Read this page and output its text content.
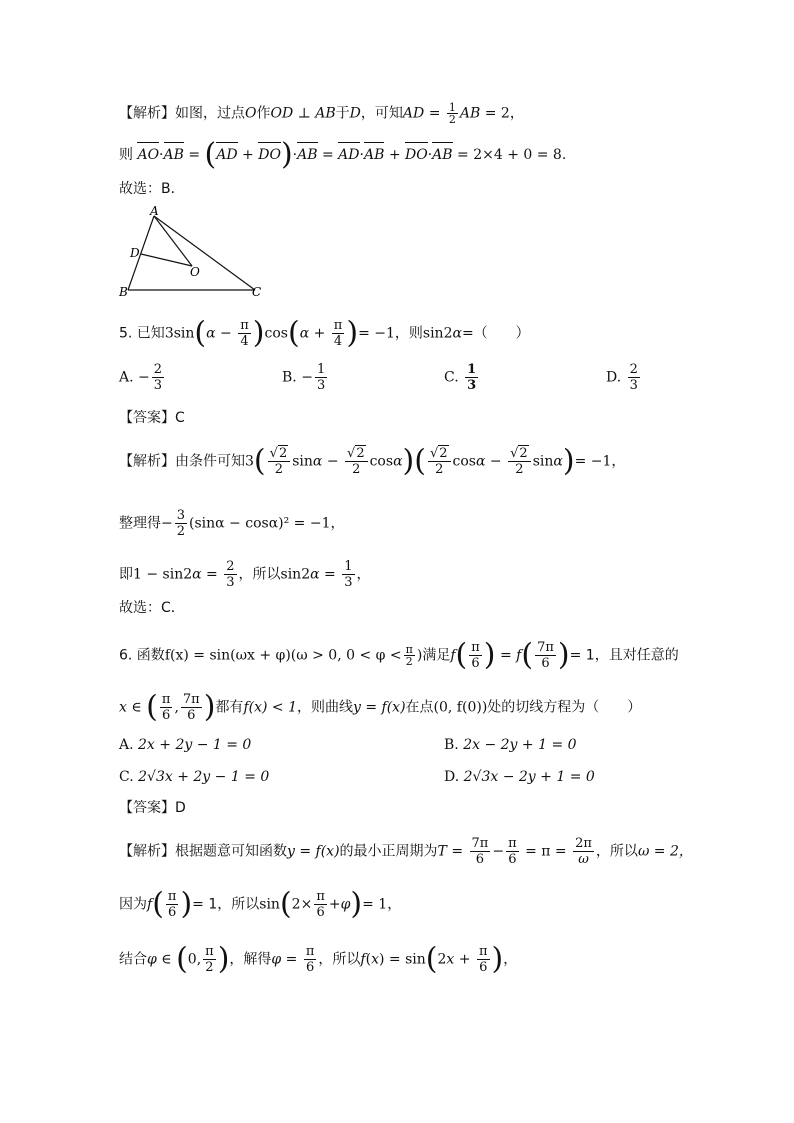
【解析】如图，过点O作OD ⊥ AB于D，可知AD = $\frac{1}{2}$ AB = 2，
则 AO·AB = (AD + DO)·AB = AD·AB + DO·AB = 2×4 + 0 = 8.
故选：B．
A
D
O
B	C
5. 已知$3\sin(\alpha - \frac{\pi}{4} )\cos(\alpha + \frac{\pi}{4}$ )= −1，则sin2α=（　　）
A. − $\frac{2}{3}$	B. − $\frac{1}{3}$	C. $\frac{1}{3}$	D. $\frac{2}{3}$
【答案】C
【解析】由条件可知$3( \frac{√2}{2}$ $\sin\alpha - \frac{√2}{2} \cos\alpha)( \frac{√2}{2}$ $\cos\alpha - \frac{√2}{2} \sin\alpha)= -1$，
整理得− $\frac{3}{2} (\sin\alpha - \cos\alpha)^2 = -1$，
即$1 - \sin 2\alpha = \frac{2}{3}$ ，所以$\sin 2\alpha = \frac{1}{3}$ ，
故选：C．
6. 函数f(x) = sin(ωx + φ)(ω > 0, $0 < \varphi < \frac{\pi}{2}$ )满足$f( \frac{\pi}{6}$ ) = $f( \frac{7\pi}{6}$ )= 1，且对任意的
x ∈ ( $\frac{\pi}{6}$ , $\frac{7\pi}{6}$ )都有f(x) < 1，则曲线y = f(x)在点(0, f(0))处的切线方程为（　　）
A. 2x + 2y − 1 = 0	B. 2x − 2y + 1 = 0
C. 2√3x + 2y − 1 = 0	D. 2√3x − 2y + 1 = 0
【答案】D
【解析】根据题意可知函数y = f(x)的最小正周期为$T = \frac{7\pi}{6} - \frac{\pi}{6} = \pi = \frac{2\pi}{\omega}$ ，所以ω = 2，
因为$f( \frac{\pi}{6}$ )= 1，所以$\sin(2\times \frac{\pi}{6} +\varphi)= 1$，
结合φ ∈ (0, $\frac{\pi}{2}$ )，解得$\varphi = \frac{\pi}{6}$ ，所以$f(x) = \sin(2x + \frac{\pi}{6}$ )，
